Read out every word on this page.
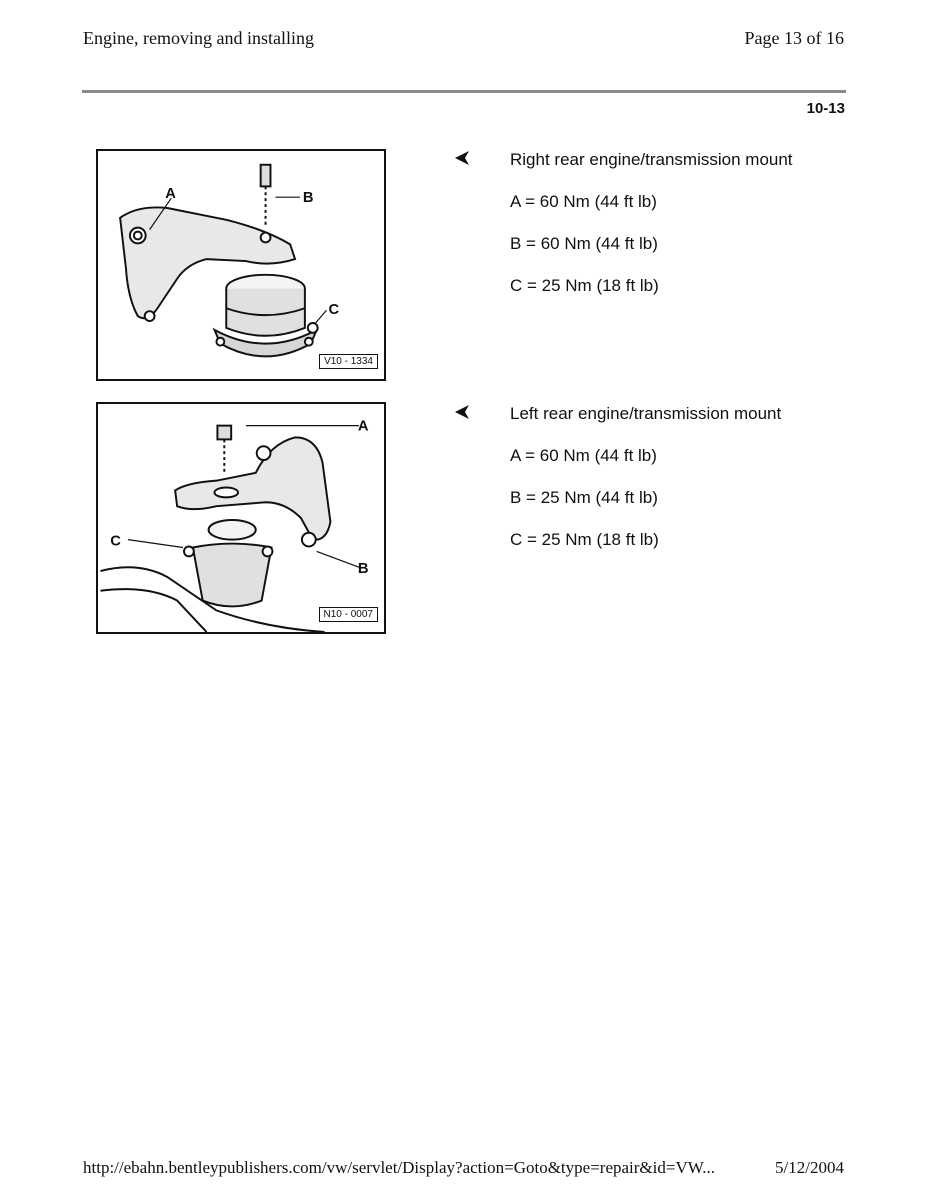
Engine, removing and installing	Page 13 of 16
10-13
A	B
C
V10 - 1334
A
B
C
N10 - 0007
Right rear engine/transmission mount
A = 60 Nm (44 ft lb)
B = 60 Nm (44 ft lb)
C = 25 Nm (18 ft lb)
Left rear engine/transmission mount
A = 60 Nm (44 ft lb)
B = 25 Nm (44 ft lb)
C = 25 Nm (18 ft lb)
http://ebahn.bentleypublishers.com/vw/servlet/Display?action=Goto&type=repair&id=VW...	5/12/2004
